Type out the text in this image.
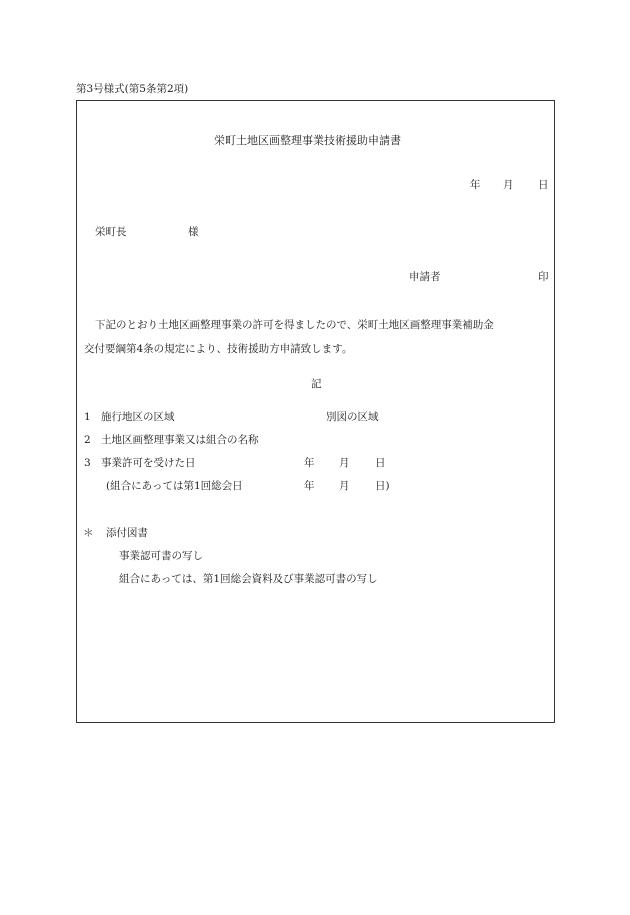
第3号様式(第5条第2項)
栄町土地区画整理事業技術援助申請書
年 月 日
栄町長	様
申請者	印
下記のとおり土地区画整理事業の許可を得ましたので、栄町土地区画整理事業補助金
交付要綱第4条の規定により、技術援助方申請致します。
記
1 施行地区の区域	別図の区域
2 土地区画整理事業又は組合の名称
3 事業許可を受けた日	年 月 日
(組合にあっては第1回総会日	年 月 日)
＊ 添付図書
事業認可書の写し
組合にあっては、第1回総会資料及び事業認可書の写し
